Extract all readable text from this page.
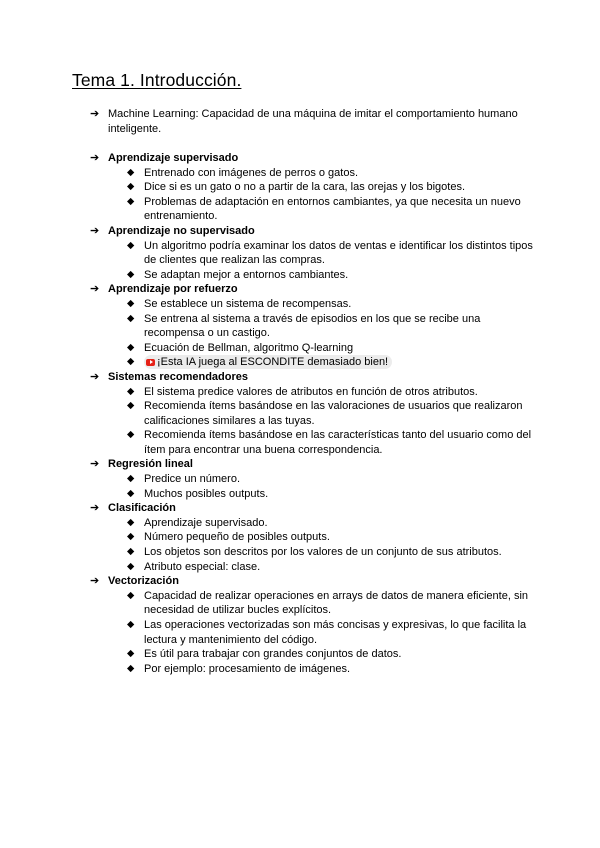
Tema 1. Introducción.
➔ Machine Learning: Capacidad de una máquina de imitar el comportamiento humano inteligente.
➔ Aprendizaje supervisado
◆ Entrenado con imágenes de perros o gatos.
◆ Dice si es un gato o no a partir de la cara, las orejas y los bigotes.
◆ Problemas de adaptación en entornos cambiantes, ya que necesita un nuevo entrenamiento.
➔ Aprendizaje no supervisado
◆ Un algoritmo podría examinar los datos de ventas e identificar los distintos tipos de clientes que realizan las compras.
◆ Se adaptan mejor a entornos cambiantes.
➔ Aprendizaje por refuerzo
◆ Se establece un sistema de recompensas.
◆ Se entrena al sistema a través de episodios en los que se recibe una recompensa o un castigo.
◆ Ecuación de Bellman, algoritmo Q-learning
◆ ¡Esta IA juega al ESCONDITE demasiado bien!
➔ Sistemas recomendadores
◆ El sistema predice valores de atributos en función de otros atributos.
◆ Recomienda ítems basándose en las valoraciones de usuarios que realizaron calificaciones similares a las tuyas.
◆ Recomienda ítems basándose en las características tanto del usuario como del ítem para encontrar una buena correspondencia.
➔ Regresión lineal
◆ Predice un número.
◆ Muchos posibles outputs.
➔ Clasificación
◆ Aprendizaje supervisado.
◆ Número pequeño de posibles outputs.
◆ Los objetos son descritos por los valores de un conjunto de sus atributos.
◆ Atributo especial: clase.
➔ Vectorización
◆ Capacidad de realizar operaciones en arrays de datos de manera eficiente, sin necesidad de utilizar bucles explícitos.
◆ Las operaciones vectorizadas son más concisas y expresivas, lo que facilita la lectura y mantenimiento del código.
◆ Es útil para trabajar con grandes conjuntos de datos.
◆ Por ejemplo: procesamiento de imágenes.
